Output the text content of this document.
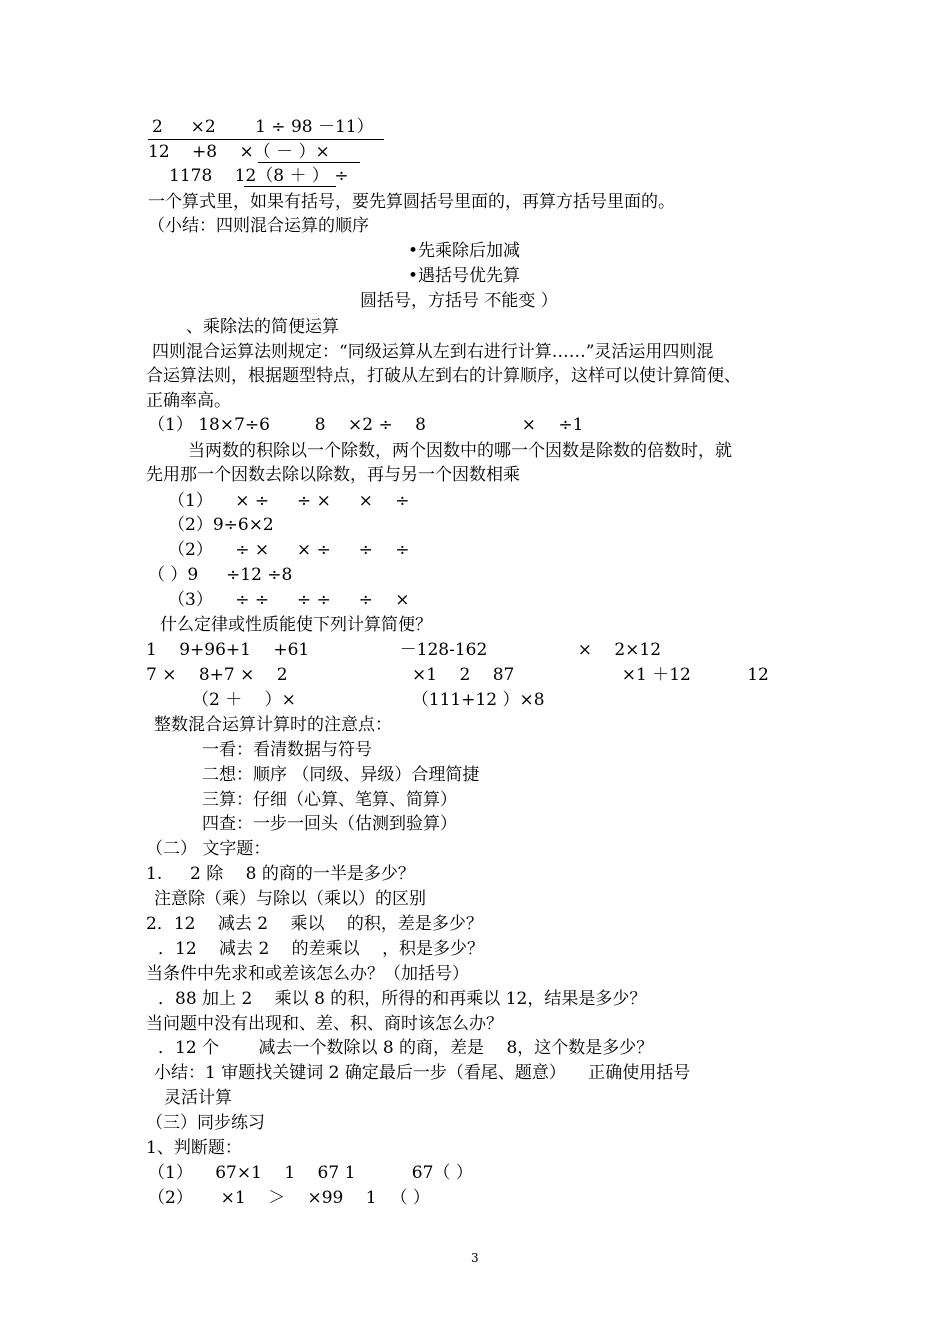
2 　 ×2 　　1 ÷ 98 －11）
12 　+8 　×（ － ）×
　1178 　12（8 ＋ ） ÷
一个算式里，如果有括号，要先算圆括号里面的，再算方括号里面的。
（小结：四则混合运算的顺序
•先乘除后加减
•遇括号优先算
圆括号，方括号 不能变 ）
、乘除法的简便运算
四则混合运算法则规定：“同级运算从左到右进行计算……”灵活运用四则混
合运算法则，根据题型特点，打破从左到右的计算顺序，这样可以使计算简便、
正确率高。
（1） 18×7÷6 　　 8 　×2 ÷ 　8 　　　　　 × 　÷1
当两数的积除以一个除数，两个因数中的哪一个因数是除数的倍数时，就
先用那一个因数去除以除数，再与另一个因数相乘
（1） 　× ÷ 　 ÷ × 　 × 　÷
（2）9÷6×2
（2） 　÷ × 　 × ÷ 　 ÷ 　÷
（ ）9 　 ÷12 ÷8
（3） 　÷ ÷ 　 ÷ ÷ 　 ÷ 　×
什么定律或性质能使下列计算简便？
1 　9+96+1 　+61 　　　　　－128-162 　　　　　× 　2×12
7 × 　8+7 × 　2 　　　　　　　×1 　2 　87 　　　　　　×1 ＋12 　　　12
（2 ＋ 　）× 　　　　　　　（111+12 ）×8
整数混合运算计算时的注意点：
一看：看清数据与符号
二想：顺序 （同级、异级）合理简捷
三算：仔细（心算、笔算、简算）
四查：一步一回头（估测到验算）
（二） 文字题：
1. 　 2 除 　8 的商的一半是多少？
注意除（乘）与除以（乘以）的区别
2．12 　减去 2 　乘以 　的积，差是多少？
．12 　减去 2 　的差乘以 　，积是多少？
当条件中先求和或差该怎么办？（加括号）
．88 加上 2 　乘以 8 的积，所得的和再乘以 12，结果是多少？
当问题中没有出现和、差、积、商时该怎么办？
．12 个 　　减去一个数除以 8 的商，差是 　8，这个数是多少？
小结：1 审题找关键词 2 确定最后一步（看尾、题意） 　正确使用括号
灵活计算
（三）同步练习
1、判断题：
（1） 　67×1 　1 　67 1 　　　67（ ）
（2） 　 ×1 　＞ 　×99 　1 　（ ）
3
